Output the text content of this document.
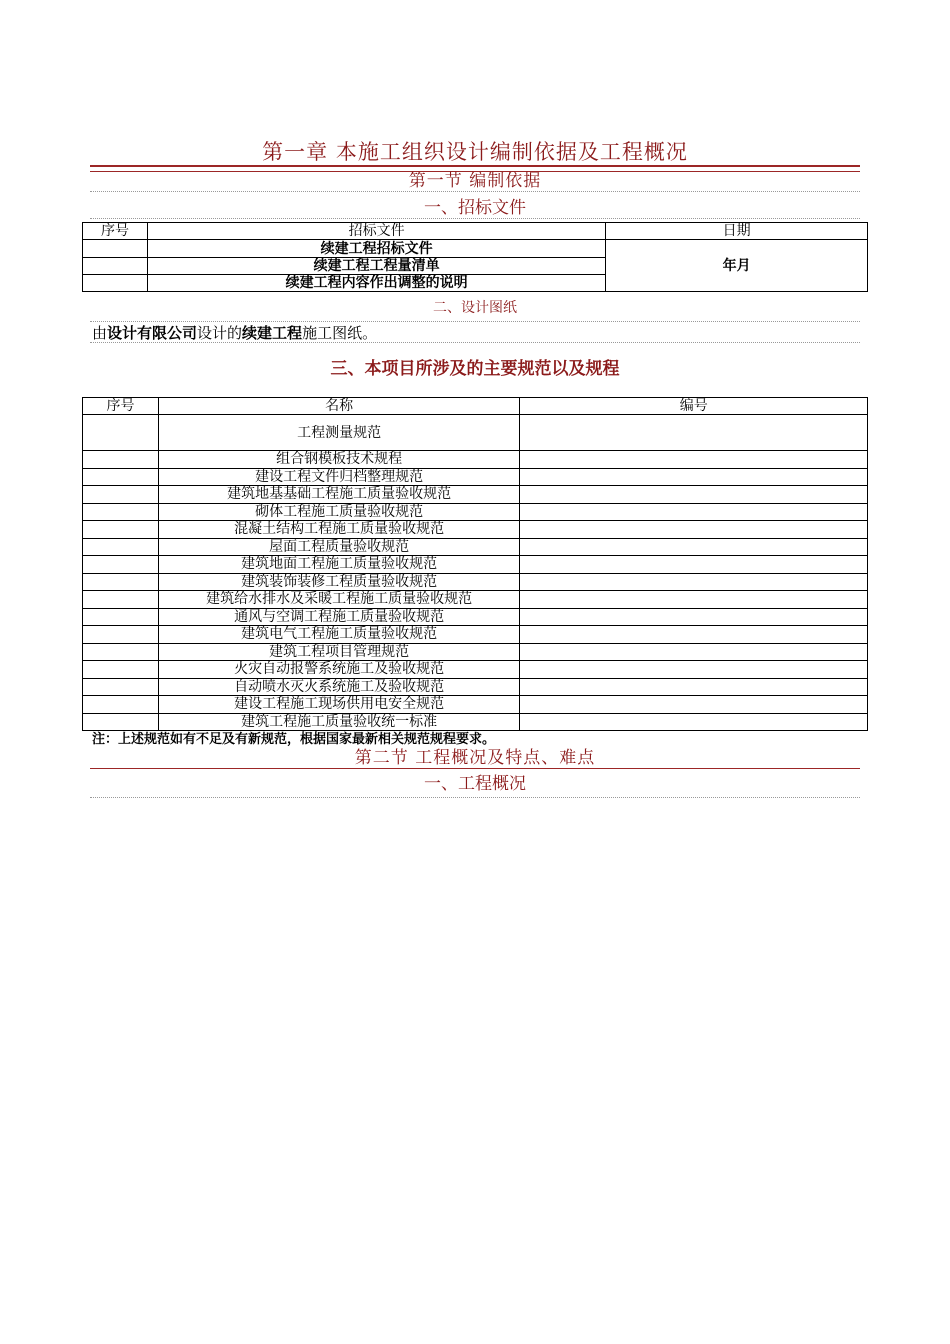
第一章 本施工组织设计编制依据及工程概况
第一节 编制依据
一、招标文件
序号	招标文件	日期
	续建工程招标文件	年月
	续建工程工程量清单	
	续建工程内容作出调整的说明	
二、设计图纸
由设计有限公司设计的续建工程施工图纸。
三、本项目所涉及的主要规范以及规程
序号	名称	编号
	工程测量规范	
	组合钢模板技术规程	
	建设工程文件归档整理规范	
	建筑地基基础工程施工质量验收规范	
	砌体工程施工质量验收规范	
	混凝土结构工程施工质量验收规范	
	屋面工程质量验收规范	
	建筑地面工程施工质量验收规范	
	建筑装饰装修工程质量验收规范	
	建筑给水排水及采暖工程施工质量验收规范	
	通风与空调工程施工质量验收规范	
	建筑电气工程施工质量验收规范	
	建筑工程项目管理规范	
	火灾自动报警系统施工及验收规范	
	自动喷水灭火系统施工及验收规范	
	建设工程施工现场供用电安全规范	
	建筑工程施工质量验收统一标准	
注：上述规范如有不足及有新规范，根据国家最新相关规范规程要求。
第二节 工程概况及特点、难点
一、工程概况
